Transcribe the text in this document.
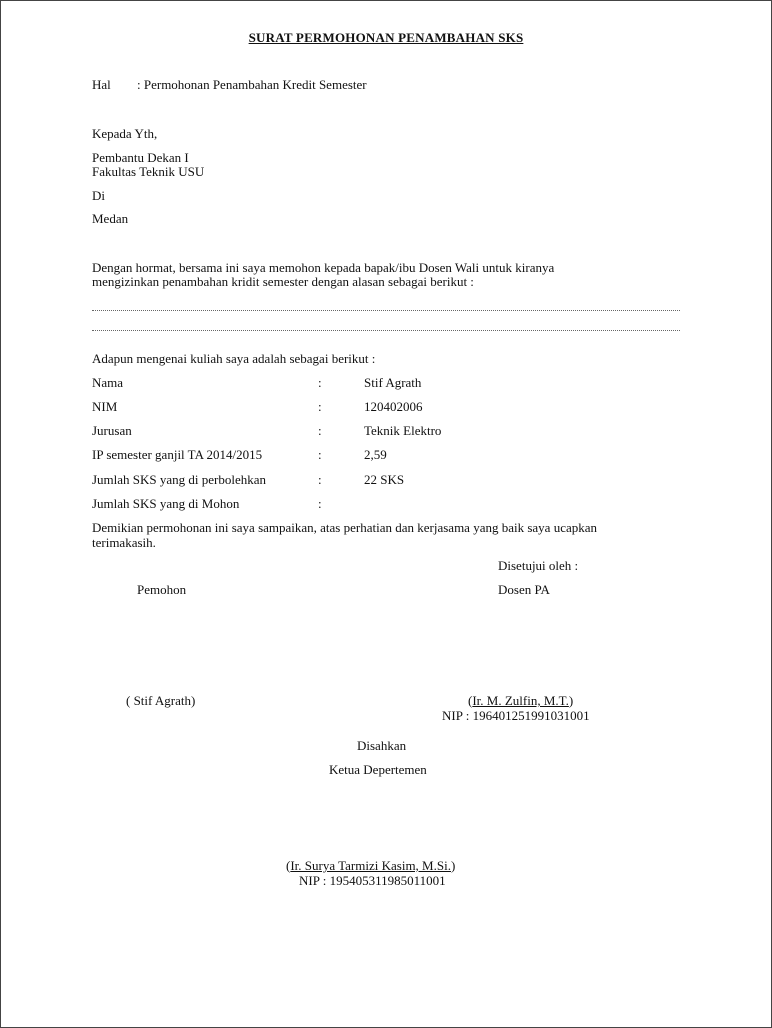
SURAT PERMOHONAN PENAMBAHAN SKS
Hal : Permohonan Penambahan Kredit Semester
Kepada Yth,
Pembantu Dekan I
Fakultas Teknik USU
Di
Medan
Dengan hormat, bersama ini saya memohon kepada bapak/ibu Dosen Wali untuk kiranya
mengizinkan penambahan kridit semester dengan alasan sebagai berikut :
Adapun mengenai kuliah saya adalah sebagai berikut :
Nama	:	Stif Agrath
NIM	:	120402006
Jurusan	:	Teknik Elektro
IP semester ganjil TA 2014/2015	:	2,59
Jumlah SKS yang di perbolehkan	:	22 SKS
Jumlah SKS yang di Mohon	:
Demikian permohonan ini saya sampaikan, atas perhatian dan kerjasama yang baik saya ucapkan
terimakasih.
Disetujui oleh :
Pemohon	Dosen PA
( Stif Agrath)	(Ir. M. Zulfin, M.T.)
NIP : 196401251991031001
Disahkan
Ketua Depertemen
(Ir. Surya Tarmizi Kasim, M.Si.)
NIP : 195405311985011001
